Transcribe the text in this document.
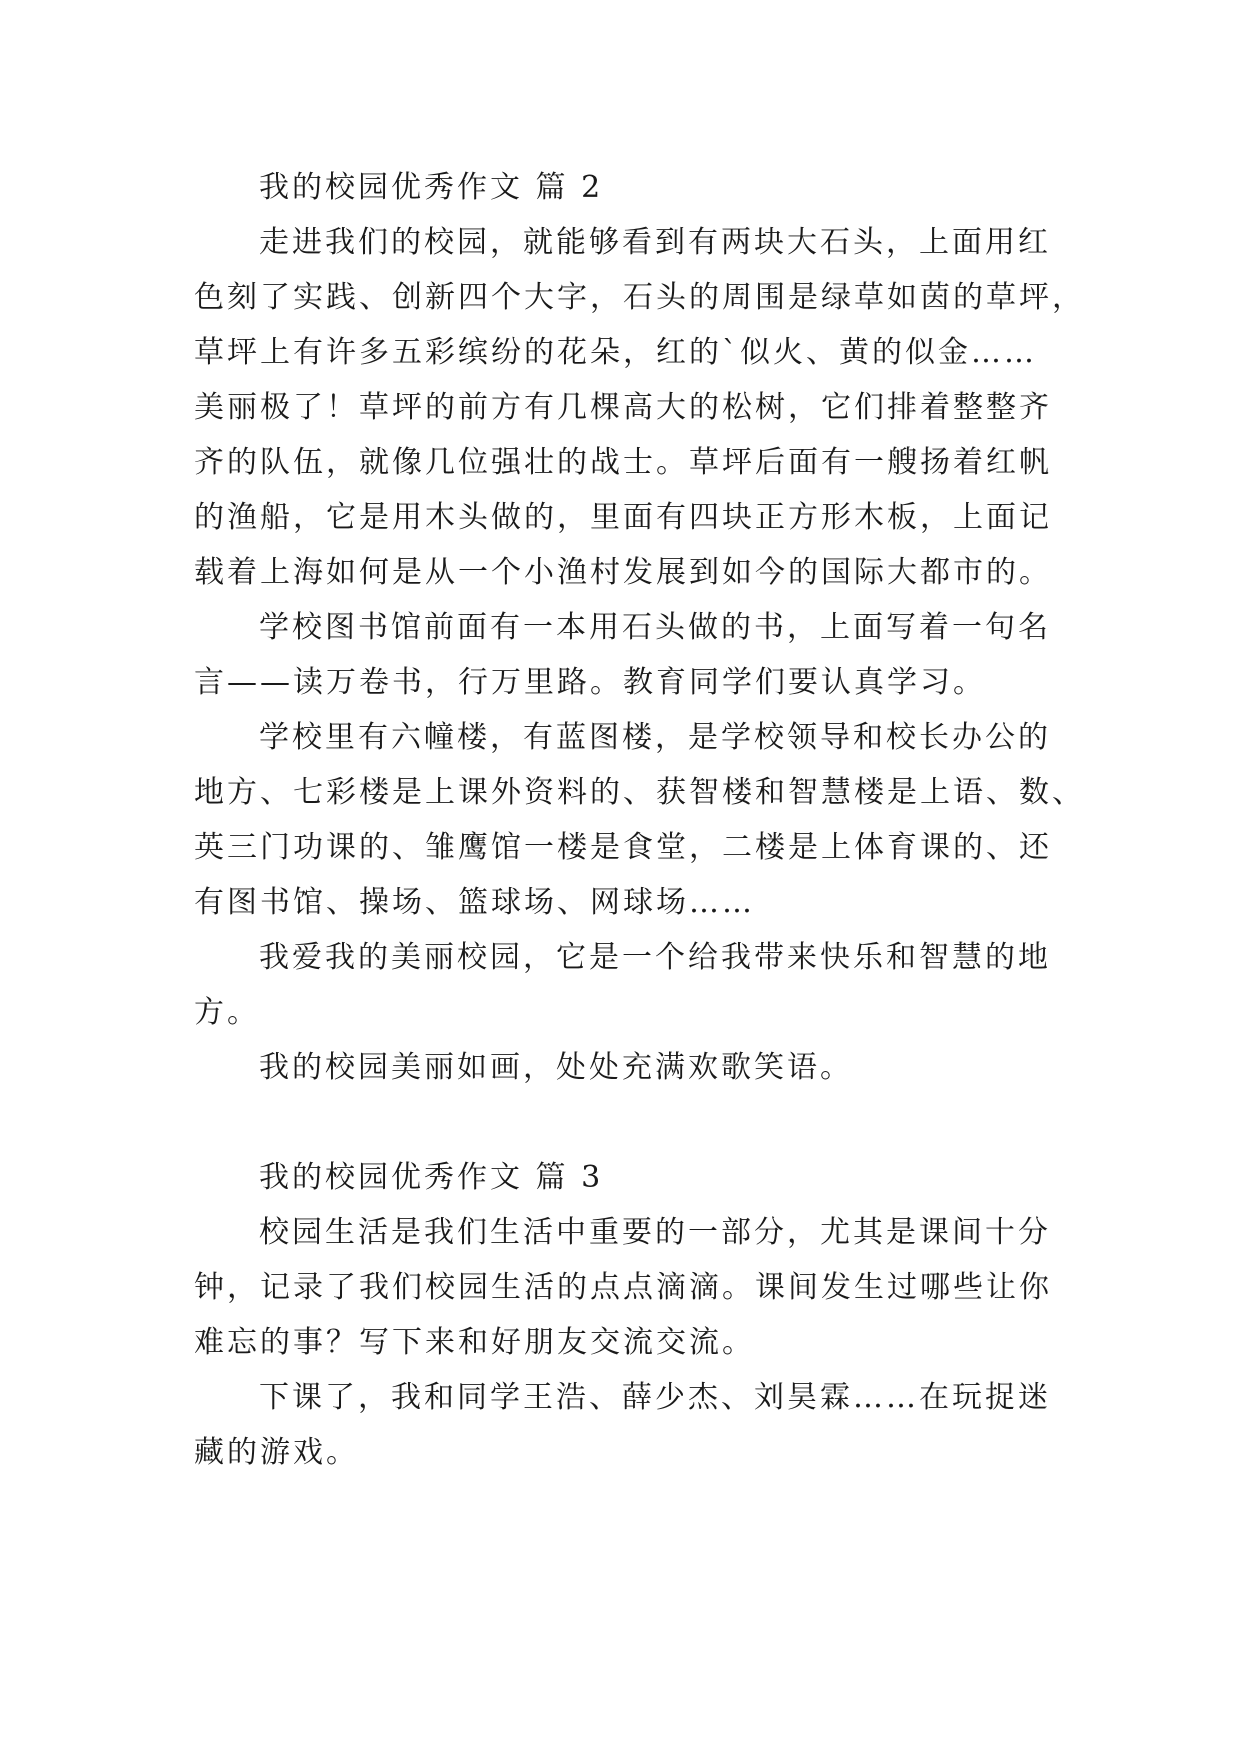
我的校园优秀作文 篇 2
走进我们的校园，就能够看到有两块大石头，上面用红
色刻了实践、创新四个大字，石头的周围是绿草如茵的草坪，
草坪上有许多五彩缤纷的花朵，红的`似火、黄的似金……
美丽极了！草坪的前方有几棵高大的松树，它们排着整整齐
齐的队伍，就像几位强壮的战士。草坪后面有一艘扬着红帆
的渔船，它是用木头做的，里面有四块正方形木板，上面记
载着上海如何是从一个小渔村发展到如今的国际大都市的。
学校图书馆前面有一本用石头做的书，上面写着一句名
言——读万卷书，行万里路。教育同学们要认真学习。
学校里有六幢楼，有蓝图楼，是学校领导和校长办公的
地方、七彩楼是上课外资料的、获智楼和智慧楼是上语、数、
英三门功课的、雏鹰馆一楼是食堂，二楼是上体育课的、还
有图书馆、操场、篮球场、网球场……
我爱我的美丽校园，它是一个给我带来快乐和智慧的地
方。
我的校园美丽如画，处处充满欢歌笑语。
我的校园优秀作文 篇 3
校园生活是我们生活中重要的一部分，尤其是课间十分
钟，记录了我们校园生活的点点滴滴。课间发生过哪些让你
难忘的事？写下来和好朋友交流交流。
下课了，我和同学王浩、薛少杰、刘昊霖……在玩捉迷
藏的游戏。
